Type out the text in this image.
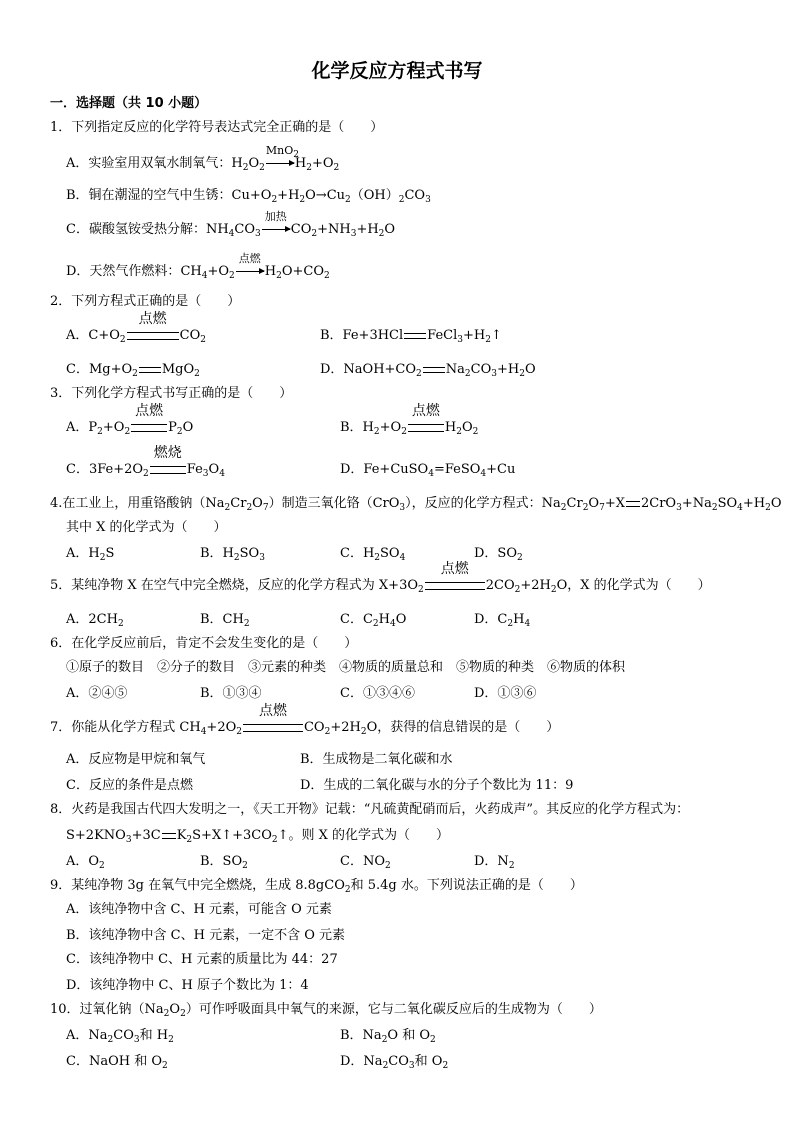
化学反应方程式书写
一．选择题（共 10 小题）
1．下列指定反应的化学符号表达式完全正确的是（　　）
A．实验室用双氧水制氧气：$H_2O_2$
MnO$_2$
$H_2+O_2$
B．铜在潮湿的空气中生锈：$Cu+O_2+H_2O\to Cu_2(OH)_2CO_3$
C．碳酸氢铵受热分解：$NH_4CO_3$
加热
$CO_2+NH_3+H_2O$
D．天然气作燃料：$CH_4+O_2$
点燃
$H_2O+CO_2$
2．下列方程式正确的是（　　）
A．$C+O_2$
点燃
$CO_2$	B．Fe+3HCl $FeCl_3+H_2↑$
C．$Mg+O_2$ MgO$_2$	D．$NaOH+CO_2$ $Na_2CO_3+H_2O$
3．下列化学方程式书写正确的是（　　）
A．$P_2+O_2$
点燃
$P_2O$	B．$H_2+O_2$
点燃
$H_2O_2$
C．$3Fe+2O_2$
燃烧
$Fe_3O_4$	D．Fe+CuSO$_4$=FeSO$_4$+Cu
4.在工业上，用重铬酸钠$(Na_2Cr_2O_7)$制造三氧化铬（CrO$_3$），反应的化学方程式：$Na_2Cr_2O_7+X$ $2CrO_3+Na_2SO_4+H_2O$
其中 X 的化学式为（　　）
A．$H_2S$	B．$H_2SO_3$	C．$H_2SO_4$	D．$SO_2$
5．某纯净物 X 在空气中完全燃烧，反应的化学方程式为 $X+3O_2$
点燃
$2CO_2+2H_2O$，X 的化学式为（　　）
A．$2CH_2$	B．$CH_2$	C．$C_2H_4O$	D．$C_2H_4$
6．在化学反应前后，肯定不会发生变化的是（　　）
①原子的数目　②分子的数目　③元素的种类　④物质的质量总和　⑤物质的种类　⑥物质的体积
A．②④⑤	B．①③④	C．①③④⑥	D．①③⑥
7．你能从化学方程式 $CH_4+2O_2$
点燃
$CO_2+2H_2O$，获得的信息错误的是（　　）
A．反应物是甲烷和氧气	B．生成物是二氧化碳和水
C．反应的条件是点燃	D．生成的二氧化碳与水的分子个数比为 11：9
8．火药是我国古代四大发明之一，《天工开物》记载：“凡硫黄配硝而后，火药成声”。其反应的化学方程式为：
$S+2KNO_3+3C$ $K_2S+X↑+3CO_2↑$。则 X 的化学式为（　　）
A．$O_2$	B．$SO_2$	C．$NO_2$	D．$N_2$
9．某纯净物 3g 在氧气中完全燃烧，生成 8.8gCO$_2$和 5.4g 水。下列说法正确的是（　　）
A．该纯净物中含 C、H 元素，可能含 O 元素
B．该纯净物中含 C、H 元素，一定不含 O 元素
C．该纯净物中 C、H 元素的质量比为 44：27
D．该纯净物中 C、H 原子个数比为 1：4
10．过氧化钠$(Na_2O_2)$可作呼吸面具中氧气的来源，它与二氧化碳反应后的生成物为（　　）
A．$Na_2CO_3$和 $H_2$	B．$Na_2O$ 和 $O_2$
C．NaOH 和 $O_2$	D．$Na_2CO_3$和 $O_2$
